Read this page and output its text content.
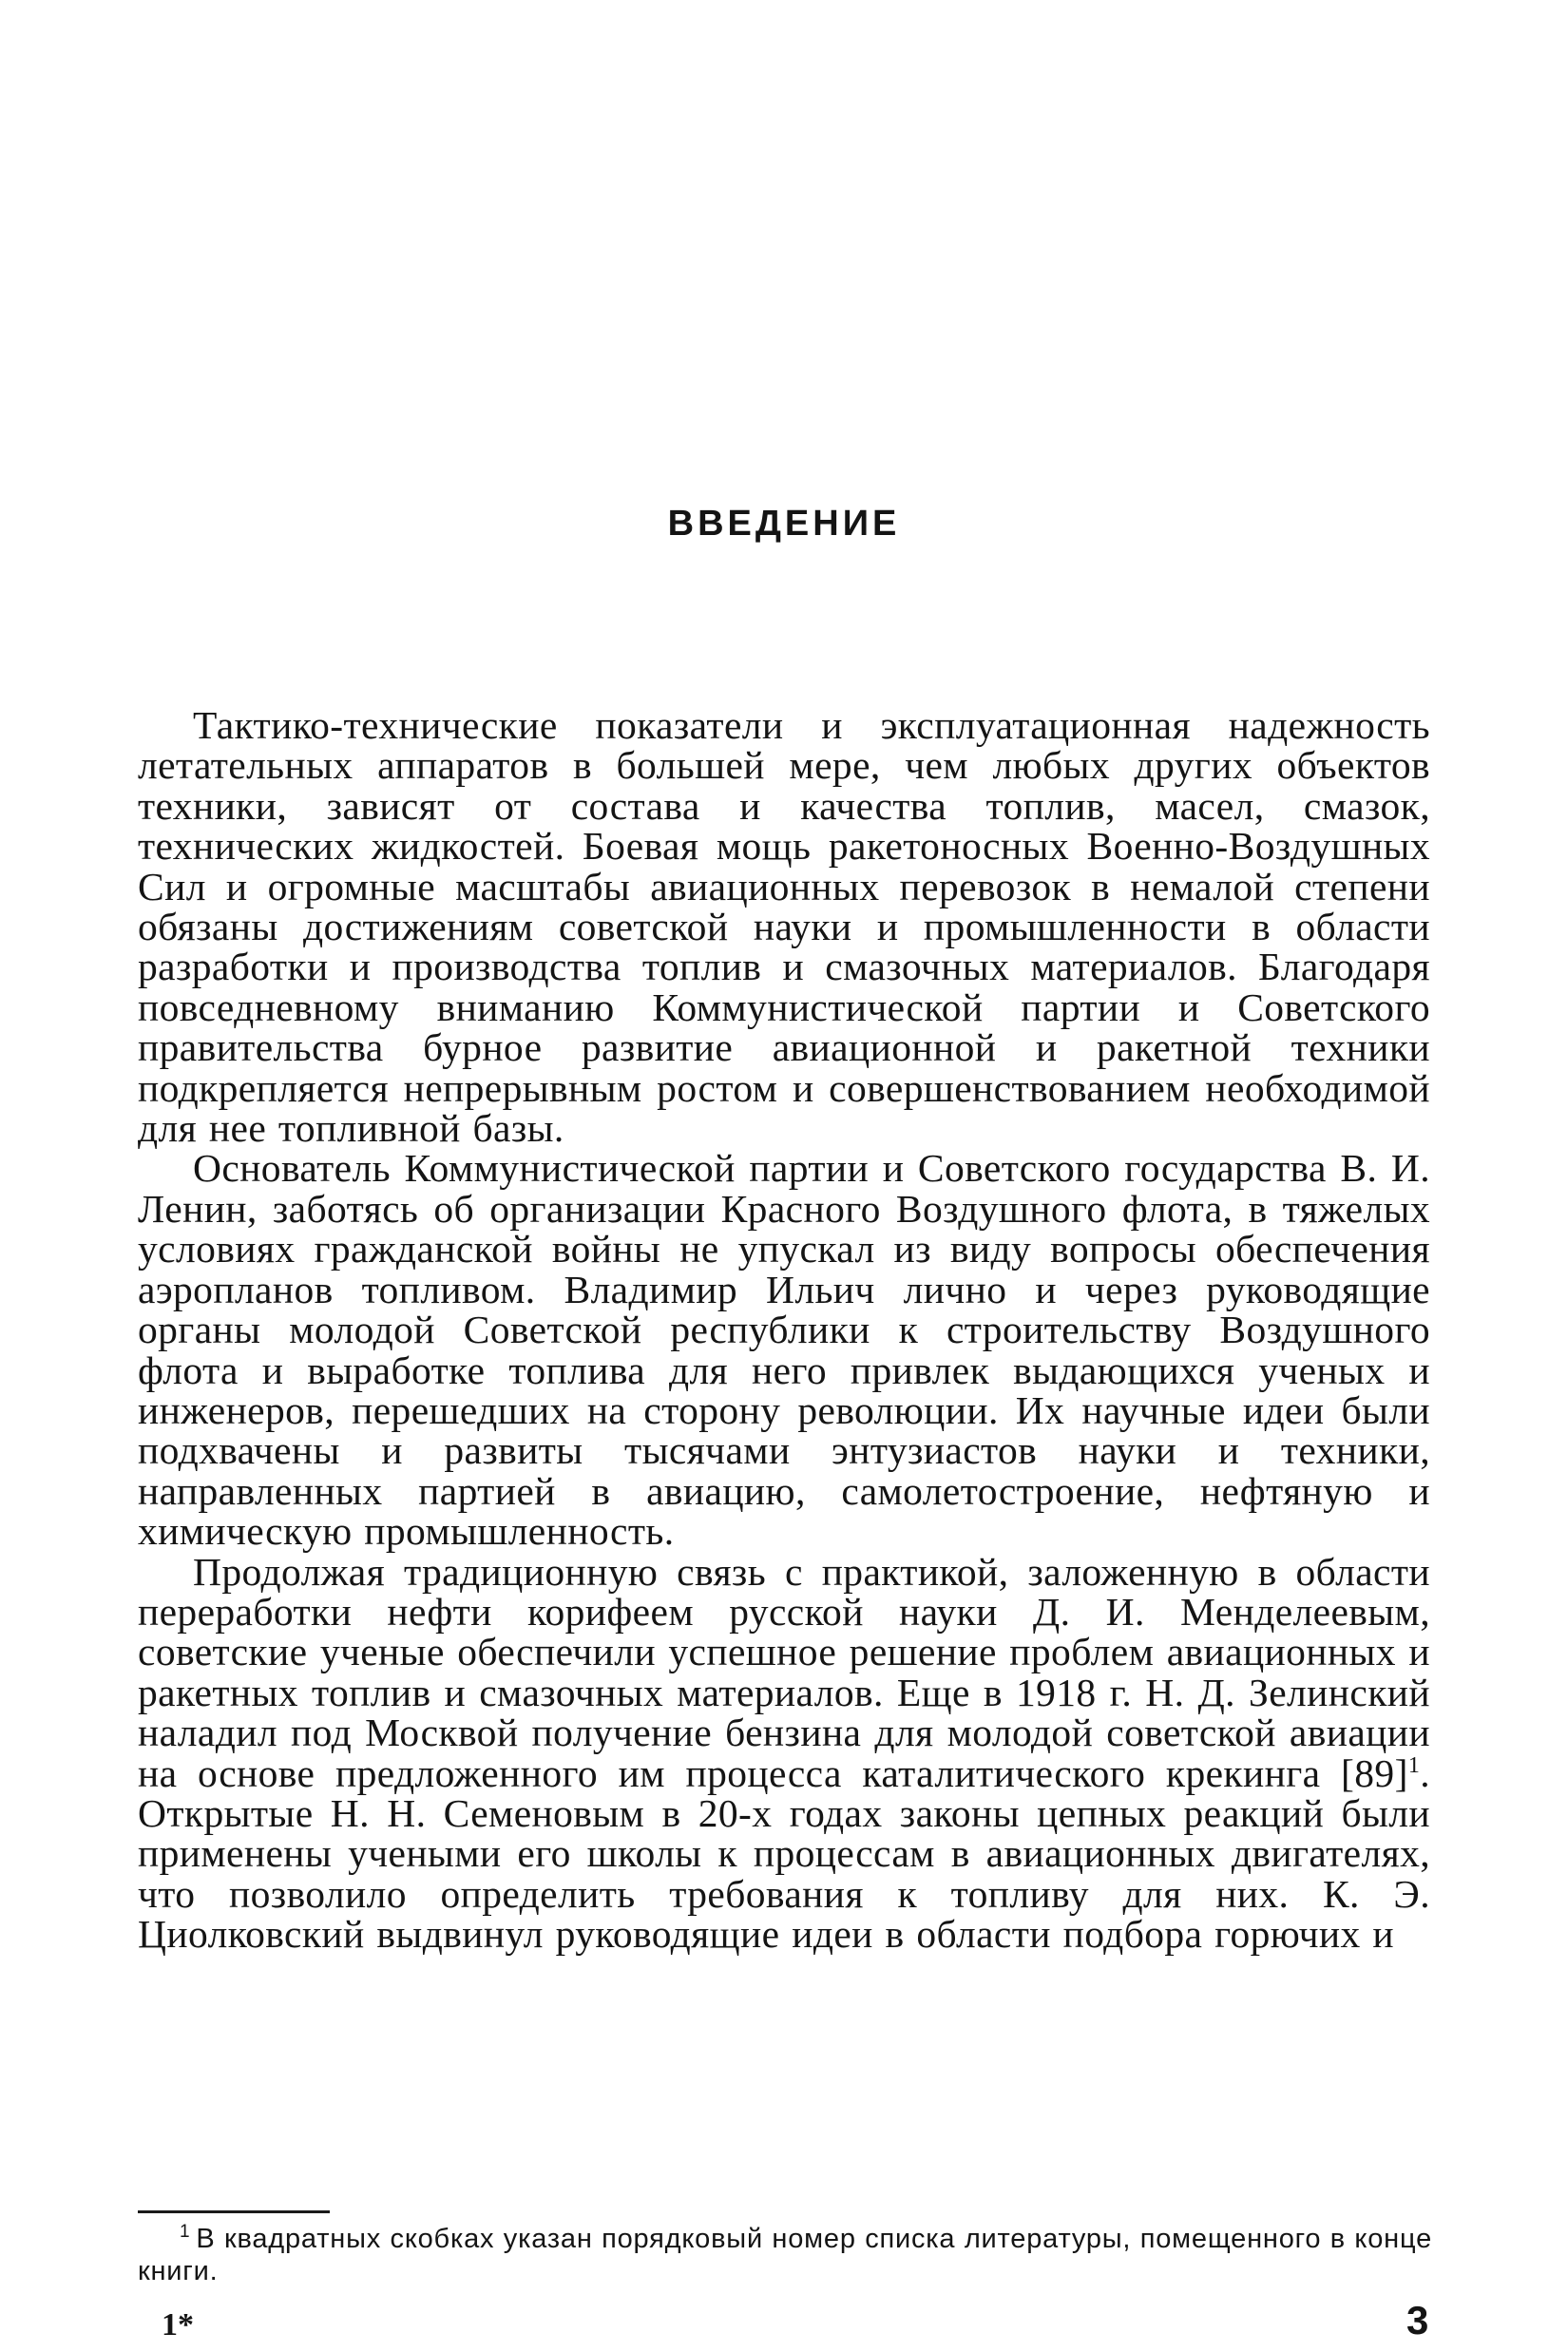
ВВЕДЕНИЕ

Тактико-технические показатели и эксплуатационная надежность летательных аппаратов в большей мере, чем любых других объектов техники, зависят от состава и качества топлив, масел, смазок, технических жидкостей. Боевая мощь ракетоносных Военно-Воздушных Сил и огромные масштабы авиационных перевозок в немалой степени обязаны достижениям советской науки и промышленности в области разработки и производства топлив и смазочных материалов. Благодаря повседневному вниманию Коммунистической партии и Советского правительства бурное развитие авиационной и ракетной техники подкрепляется непрерывным ростом и совершенствованием необходимой для нее топливной базы.

Основатель Коммунистической партии и Советского государства В. И. Ленин, заботясь об организации Красного Воздушного флота, в тяжелых условиях гражданской войны не упускал из виду вопросы обеспечения аэропланов топливом. Владимир Ильич лично и через руководящие органы молодой Советской республики к строительству Воздушного флота и выработке топлива для него привлек выдающихся ученых и инженеров, перешедших на сторону революции. Их научные идеи были подхвачены и развиты тысячами энтузиастов науки и техники, направленных партией в авиацию, самолетостроение, нефтяную и химическую промышленность.

Продолжая традиционную связь с практикой, заложенную в области переработки нефти корифеем русской науки Д. И. Менделеевым, советские ученые обеспечили успешное решение проблем авиационных и ракетных топлив и смазочных материалов. Еще в 1918 г. Н. Д. Зелинский наладил под Москвой получение бензина для молодой советской авиации на основе предложенного им процесса каталитического крекинга [89]$^1$. Открытые Н. Н. Семеновым в 20-х годах законы цепных реакций были применены учеными его школы к процессам в авиационных двигателях, что позволило определить требования к топливу для них. К. Э. Циолковский выдвинул руководящие идеи в области подбора горючих и

$^1$ В квадратных скобках указан порядковый номер списка литературы, помещенного в конце книги.
1*	3
